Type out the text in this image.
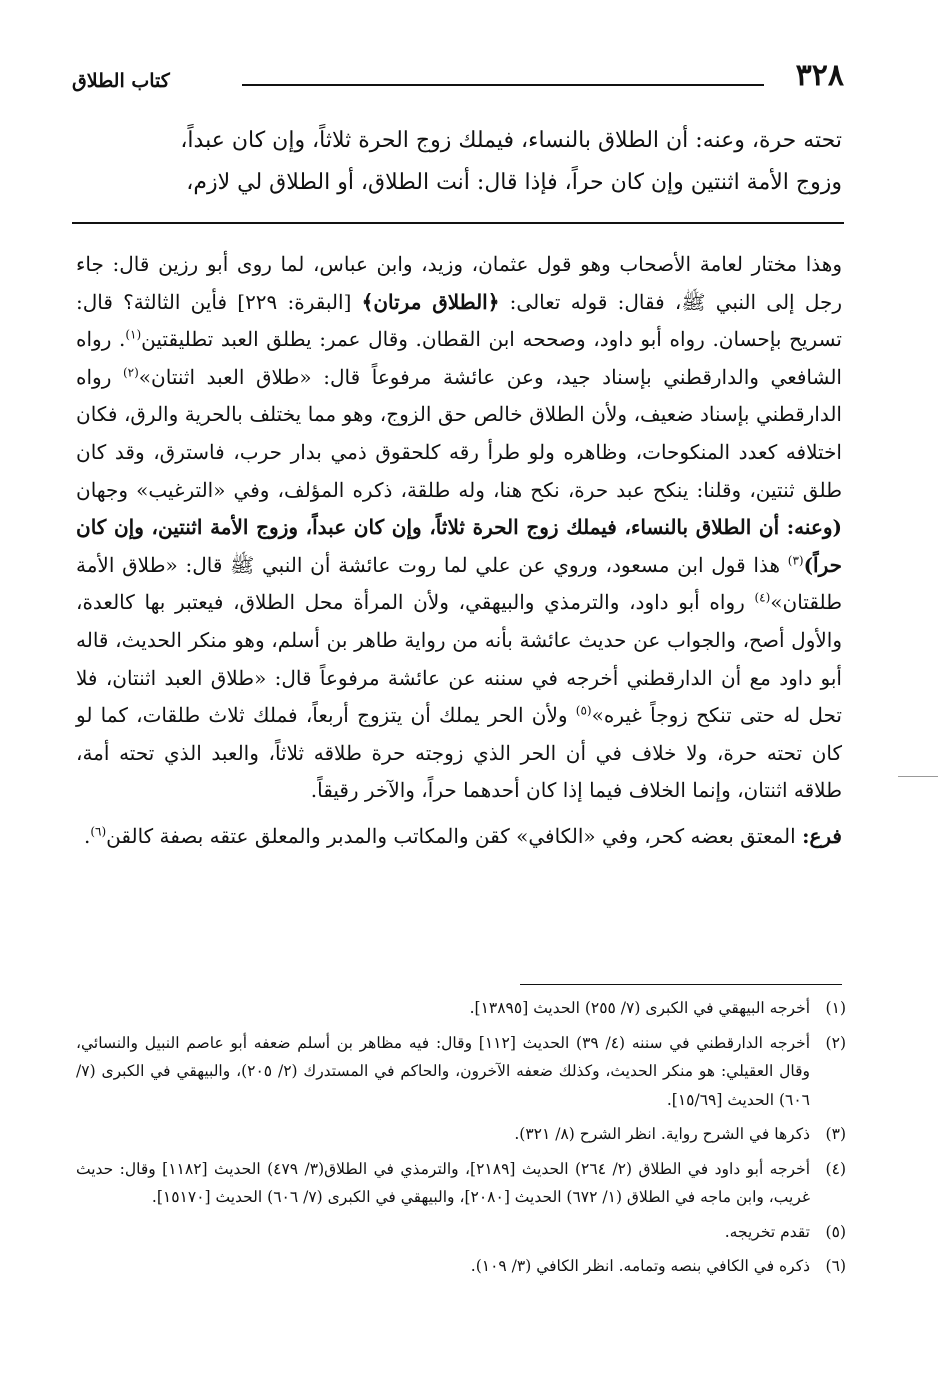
٣٢٨
كتاب الطلاق

تحته حرة، وعنه: أن الطلاق بالنساء، فيملك زوج الحرة ثلاثاً، وإن كان عبداً،

وزوج الأمة اثنتين وإن كان حراً، فإذا قال: أنت الطلاق، أو الطلاق لي لازم،

وهذا مختار لعامة الأصحاب وهو قول عثمان، وزيد، وابن عباس، لما روى أبو رزين قال: جاء رجل إلى النبي ﷺ، فقال: قوله تعالى: ﴿الطلاق مرتان﴾ [البقرة: ٢٢٩] فأين الثالثة؟ قال: تسريح بإحسان. رواه أبو داود، وصححه ابن القطان. وقال عمر: يطلق العبد تطليقتين$^{(١)}$. رواه الشافعي والدارقطني بإسناد جيد، وعن عائشة مرفوعاً قال: «طلاق العبد اثنتان»$^{(٢)}$ رواه الدارقطني بإسناد ضعيف، ولأن الطلاق خالص حق الزوج، وهو مما يختلف بالحرية والرق، فكان اختلافه كعدد المنكوحات، وظاهره ولو طرأ رقه كلحقوق ذمي بدار حرب، فاسترق، وقد كان طلق ثنتين، وقلنا: ينكح عبد حرة، نكح هنا، وله طلقة، ذكره المؤلف، وفي «الترغيب» وجهان (وعنه: أن الطلاق بالنساء، فيملك زوج الحرة ثلاثاً، وإن كان عبداً، وزوج الأمة اثنتين، وإن كان حراً)$^{(٣)}$ هذا قول ابن مسعود، وروي عن علي لما روت عائشة أن النبي ﷺ قال: «طلاق الأمة طلقتان»$^{(٤)}$ رواه أبو داود، والترمذي والبيهقي، ولأن المرأة محل الطلاق، فيعتبر بها كالعدة، والأول أصح، والجواب عن حديث عائشة بأنه من رواية طاهر بن أسلم، وهو منكر الحديث، قاله أبو داود مع أن الدارقطني أخرجه في سننه عن عائشة مرفوعاً قال: «طلاق العبد اثنتان، فلا تحل له حتى تنكح زوجاً غيره»$^{(٥)}$ ولأن الحر يملك أن يتزوج أربعاً، فملك ثلاث طلقات، كما لو كان تحته حرة، ولا خلاف في أن الحر الذي زوجته حرة طلاقه ثلاثاً، والعبد الذي تحته أمة، طلاقه اثنتان، وإنما الخلاف فيما إذا كان أحدهما حراً، والآخر رقيقاً.

فرع: المعتق بعضه كحر، وفي «الكافي» كقن والمكاتب والمدبر والمعلق عتقه بصفة كالقن$^{(٦)}$.

(١)
أخرجه البيهقي في الكبرى (٧/ ٢٥٥) الحديث [١٣٨٩٥].
(٢)
أخرجه الدارقطني في سننه (٤/ ٣٩) الحديث [١١٢] وقال: فيه مظاهر بن أسلم ضعفه أبو عاصم النبيل والنسائي، وقال العقيلي: هو منكر الحديث، وكذلك ضعفه الآخرون، والحاكم في المستدرك (٢/ ٢٠٥)، والبيهقي في الكبرى (٧/ ٦٠٦) الحديث [١٥/٦٩].
(٣)
ذكرها في الشرح رواية. انظر الشرح (٨/ ٣٢١).
(٤)
أخرجه أبو داود في الطلاق (٢/ ٢٦٤) الحديث [٢١٨٩]، والترمذي في الطلاق(٣/ ٤٧٩) الحديث [١١٨٢] وقال: حديث غريب، وابن ماجه في الطلاق (١/ ٦٧٢) الحديث [٢٠٨٠]، والبيهقي في الكبرى (٧/ ٦٠٦) الحديث [١٥١٧٠].
(٥)
تقدم تخريجه.
(٦)
ذكره في الكافي بنصه وتمامه. انظر الكافي (٣/ ١٠٩).
